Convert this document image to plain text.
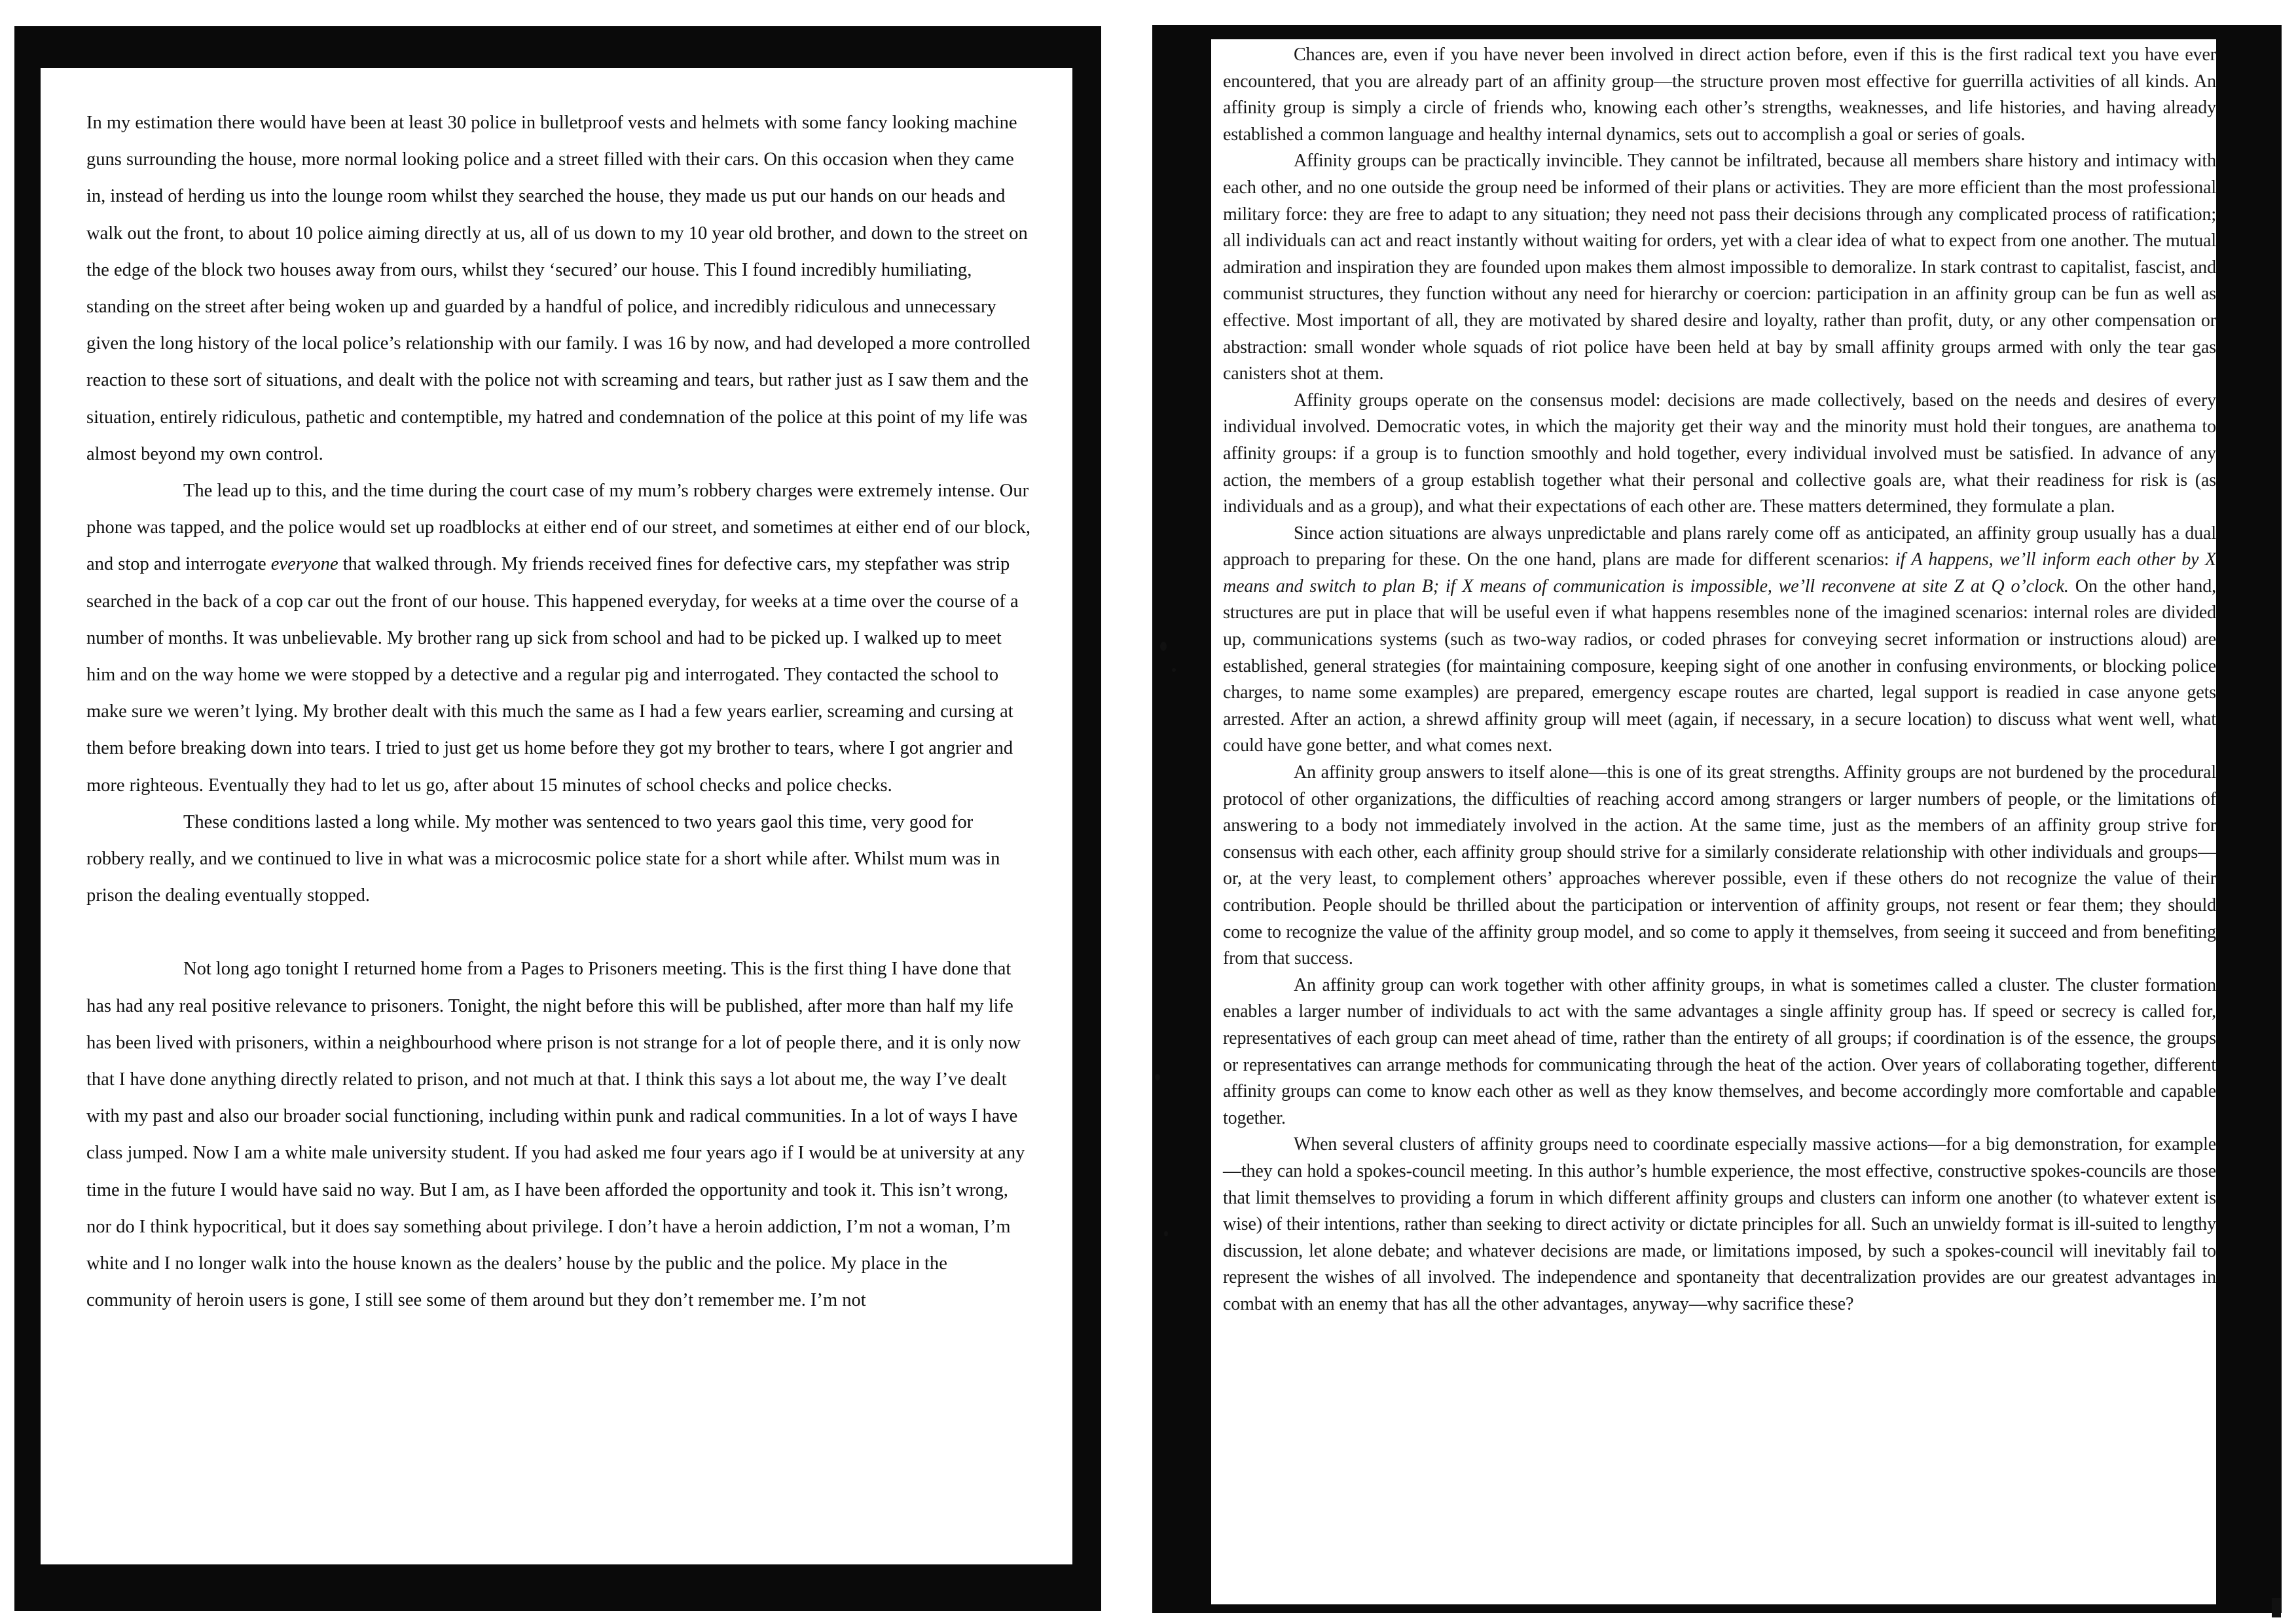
In my estimation there would have been at least 30 police in bulletproof vests and helmets with some fancy looking machine guns surrounding the house, more normal looking police and a street filled with their cars. On this occasion when they came in, instead of herding us into the lounge room whilst they searched the house, they made us put our hands on our heads and walk out the front, to about 10 police aiming directly at us, all of us down to my 10 year old brother, and down to the street on the edge of the block two houses away from ours, whilst they ‘secured’ our house. This I found incredibly humiliating, standing on the street after being woken up and guarded by a handful of police, and incredibly ridiculous and unnecessary given the long history of the local police’s relationship with our family. I was 16 by now, and had developed a more controlled reaction to these sort of situations, and dealt with the police not with screaming and tears, but rather just as I saw them and the situation, entirely ridiculous, pathetic and contemptible, my hatred and condemnation of the police at this point of my life was almost beyond my own control.

The lead up to this, and the time during the court case of my mum’s robbery charges were extremely intense. Our phone was tapped, and the police would set up roadblocks at either end of our street, and sometimes at either end of our block, and stop and interrogate everyone that walked through. My friends received fines for defective cars, my stepfather was strip searched in the back of a cop car out the front of our house. This happened everyday, for weeks at a time over the course of a number of months. It was unbelievable. My brother rang up sick from school and had to be picked up. I walked up to meet him and on the way home we were stopped by a detective and a regular pig and interrogated. They contacted the school to make sure we weren’t lying. My brother dealt with this much the same as I had a few years earlier, screaming and cursing at them before breaking down into tears. I tried to just get us home before they got my brother to tears, where I got angrier and more righteous. Eventually they had to let us go, after about 15 minutes of school checks and police checks.

These conditions lasted a long while. My mother was sentenced to two years gaol this time, very good for robbery really, and we continued to live in what was a microcosmic police state for a short while after. Whilst mum was in prison the dealing eventually stopped.

Not long ago tonight I returned home from a Pages to Prisoners meeting. This is the first thing I have done that has had any real positive relevance to prisoners. Tonight, the night before this will be published, after more than half my life has been lived with prisoners, within a neighbourhood where prison is not strange for a lot of people there, and it is only now that I have done anything directly related to prison, and not much at that. I think this says a lot about me, the way I’ve dealt with my past and also our broader social functioning, including within punk and radical communities. In a lot of ways I have class jumped. Now I am a white male university student. If you had asked me four years ago if I would be at university at any time in the future I would have said no way. But I am, as I have been afforded the opportunity and took it. This isn’t wrong, nor do I think hypocritical, but it does say something about privilege. I don’t have a heroin addiction, I’m not a woman, I’m white and I no longer walk into the house known as the dealers’ house by the public and the police. My place in the community of heroin users is gone, I still see some of them around but they don’t remember me. I’m not

Chances are, even if you have never been involved in direct action before, even if this is the first radical text you have ever encountered, that you are already part of an affinity group—the structure proven most effective for guerrilla activities of all kinds. An affinity group is simply a circle of friends who, knowing each other’s strengths, weaknesses, and life histories, and having already established a common language and healthy internal dynamics, sets out to accomplish a goal or series of goals.

Affinity groups can be practically invincible. They cannot be infiltrated, because all members share history and intimacy with each other, and no one outside the group need be informed of their plans or activities. They are more efficient than the most professional military force: they are free to adapt to any situation; they need not pass their decisions through any complicated process of ratification; all individuals can act and react instantly without waiting for orders, yet with a clear idea of what to expect from one another. The mutual admiration and inspiration they are founded upon makes them almost impossible to demoralize. In stark contrast to capitalist, fascist, and communist structures, they function without any need for hierarchy or coercion: participation in an affinity group can be fun as well as effective. Most important of all, they are motivated by shared desire and loyalty, rather than profit, duty, or any other compensation or abstraction: small wonder whole squads of riot police have been held at bay by small affinity groups armed with only the tear gas canisters shot at them.

Affinity groups operate on the consensus model: decisions are made collectively, based on the needs and desires of every individual involved. Democratic votes, in which the majority get their way and the minority must hold their tongues, are anathema to affinity groups: if a group is to function smoothly and hold together, every individual involved must be satisfied. In advance of any action, the members of a group establish together what their personal and collective goals are, what their readiness for risk is (as individuals and as a group), and what their expectations of each other are. These matters determined, they formulate a plan.

Since action situations are always unpredictable and plans rarely come off as anticipated, an affinity group usually has a dual approach to preparing for these. On the one hand, plans are made for different scenarios: if A happens, we’ll inform each other by X means and switch to plan B; if X means of communication is impossible, we’ll reconvene at site Z at Q o’clock. On the other hand, structures are put in place that will be useful even if what happens resembles none of the imagined scenarios: internal roles are divided up, communications systems (such as two-way radios, or coded phrases for conveying secret information or instructions aloud) are established, general strategies (for maintaining composure, keeping sight of one another in confusing environments, or blocking police charges, to name some examples) are prepared, emergency escape routes are charted, legal support is readied in case anyone gets arrested. After an action, a shrewd affinity group will meet (again, if necessary, in a secure location) to discuss what went well, what could have gone better, and what comes next.

An affinity group answers to itself alone—this is one of its great strengths. Affinity groups are not burdened by the procedural protocol of other organizations, the difficulties of reaching accord among strangers or larger numbers of people, or the limitations of answering to a body not immediately involved in the action. At the same time, just as the members of an affinity group strive for consensus with each other, each affinity group should strive for a similarly considerate relationship with other individuals and groups—or, at the very least, to complement others’ approaches wherever possible, even if these others do not recognize the value of their contribution. People should be thrilled about the participation or intervention of affinity groups, not resent or fear them; they should come to recognize the value of the affinity group model, and so come to apply it themselves, from seeing it succeed and from benefiting from that success.

An affinity group can work together with other affinity groups, in what is sometimes called a cluster. The cluster formation enables a larger number of individuals to act with the same advantages a single affinity group has. If speed or secrecy is called for, representatives of each group can meet ahead of time, rather than the entirety of all groups; if coordination is of the essence, the groups or representatives can arrange methods for communicating through the heat of the action. Over years of collaborating together, different affinity groups can come to know each other as well as they know themselves, and become accordingly more comfortable and capable together.

When several clusters of affinity groups need to coordinate especially massive actions—for a big demonstration, for example—they can hold a spokes-council meeting. In this author’s humble experience, the most effective, constructive spokes-councils are those that limit themselves to providing a forum in which different affinity groups and clusters can inform one another (to whatever extent is wise) of their intentions, rather than seeking to direct activity or dictate principles for all. Such an unwieldy format is ill-suited to lengthy discussion, let alone debate; and whatever decisions are made, or limitations imposed, by such a spokes-council will inevitably fail to represent the wishes of all involved. The independence and spontaneity that decentralization provides are our greatest advantages in combat with an enemy that has all the other advantages, anyway—why sacrifice these?
